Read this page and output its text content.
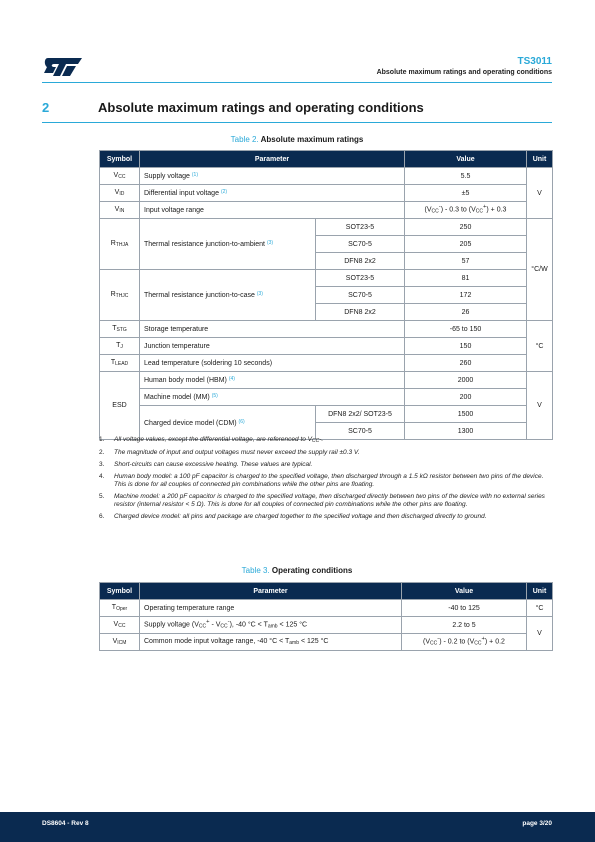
TS3011
Absolute maximum ratings and operating conditions
2	Absolute maximum ratings and operating conditions
Table 2. Absolute maximum ratings
Symbol	Parameter		Value	Unit
$V_{CC}$	Supply voltage $^{(1)}$		5.5	V
$V_{ID}$	Differential input voltage $^{(2)}$		±5	
$V_{IN}$	Input voltage range		$(V_{CC}^-) - 0.3$ to $(V_{CC}^+) + 0.3$	
$R_{THJA}$	Thermal resistance junction-to-ambient $^{(3)}$	SOT23-5	250	°C/W
		SC70-5	205	
		DFN8 2x2	57	
$R_{THJC}$	Thermal resistance junction-to-case $^{(3)}$	SOT23-5	81	
		SC70-5	172	
		DFN8 2x2	26	
$T_{STG}$	Storage temperature		-65 to 150	°C
$T_J$	Junction temperature		150	
$T_{LEAD}$	Lead temperature (soldering 10 seconds)		260	
ESD	Human body model (HBM) $^{(4)}$		2000	V
	Machine model (MM) $^{(5)}$		200	
	Charged device model (CDM) $^{(6)}$	DFN8 2x2/ SOT23-5	1500	
		SC70-5	1300	
1. All voltage values, except the differential voltage, are referenced to $V_{CC}-$.
2. The magnitude of input and output voltages must never exceed the supply rail ±0.3 V.
3. Short-circuits can cause excessive heating. These values are typical.
4. Human body model: a 100 pF capacitor is charged to the specified voltage, then discharged through a 1.5 kΩ resistor between two pins of the device. This is done for all couples of connected pin combinations while the other pins are floating.
5. Machine model: a 200 pF capacitor is charged to the specified voltage, then discharged directly between two pins of the device with no external series resistor (internal resistor < 5 Ω). This is done for all couples of connected pin combinations while the other pins are floating.
6. Charged device model: all pins and package are charged together to the specified voltage and then discharged directly to ground.
Table 3. Operating conditions
Symbol	Parameter	Value	Unit
$T_{Oper}$	Operating temperature range	-40 to 125	°C
$V_{CC}$	Supply voltage $(V_{CC}^+ - V_{CC}^-)$, -40 $^\circ C < T_{amb} < 125$ °C	2.2 to 5	V
$V_{ICM}$	Common mode input voltage range, -40 $^\circ C < T_{amb} < 125$ °C	$(V_{CC}^-) - 0.2$ to $(V_{CC}^+) + 0.2$	
DS8604 - Rev 8	page 3/20
